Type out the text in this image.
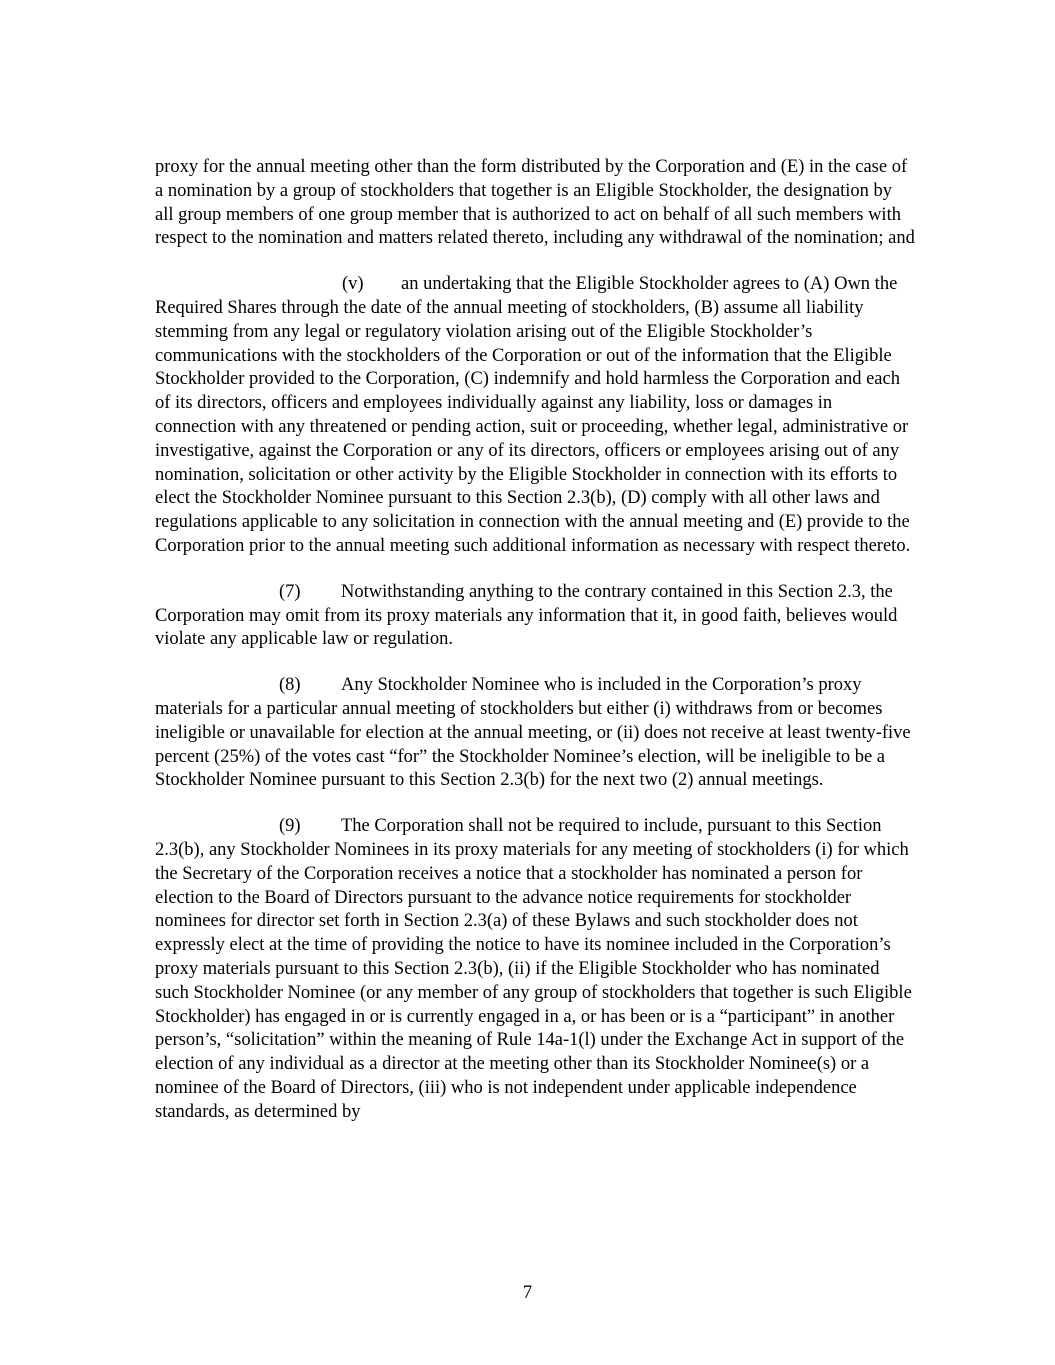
proxy for the annual meeting other than the form distributed by the Corporation and (E) in the case of a nomination by a group of stockholders that together is an Eligible Stockholder, the designation by all group members of one group member that is authorized to act on behalf of all such members with respect to the nomination and matters related thereto, including any withdrawal of the nomination; and

(v) an undertaking that the Eligible Stockholder agrees to (A) Own the Required Shares through the date of the annual meeting of stockholders, (B) assume all liability stemming from any legal or regulatory violation arising out of the Eligible Stockholder’s communications with the stockholders of the Corporation or out of the information that the Eligible Stockholder provided to the Corporation, (C) indemnify and hold harmless the Corporation and each of its directors, officers and employees individually against any liability, loss or damages in connection with any threatened or pending action, suit or proceeding, whether legal, administrative or investigative, against the Corporation or any of its directors, officers or employees arising out of any nomination, solicitation or other activity by the Eligible Stockholder in connection with its efforts to elect the Stockholder Nominee pursuant to this Section 2.3(b), (D) comply with all other laws and regulations applicable to any solicitation in connection with the annual meeting and (E) provide to the Corporation prior to the annual meeting such additional information as necessary with respect thereto.

(7) Notwithstanding anything to the contrary contained in this Section 2.3, the Corporation may omit from its proxy materials any information that it, in good faith, believes would violate any applicable law or regulation.

(8) Any Stockholder Nominee who is included in the Corporation’s proxy materials for a particular annual meeting of stockholders but either (i) withdraws from or becomes ineligible or unavailable for election at the annual meeting, or (ii) does not receive at least twenty-five percent (25%) of the votes cast “for” the Stockholder Nominee’s election, will be ineligible to be a Stockholder Nominee pursuant to this Section 2.3(b) for the next two (2) annual meetings.

(9) The Corporation shall not be required to include, pursuant to this Section 2.3(b), any Stockholder Nominees in its proxy materials for any meeting of stockholders (i) for which the Secretary of the Corporation receives a notice that a stockholder has nominated a person for election to the Board of Directors pursuant to the advance notice requirements for stockholder nominees for director set forth in Section 2.3(a) of these Bylaws and such stockholder does not expressly elect at the time of providing the notice to have its nominee included in the Corporation’s proxy materials pursuant to this Section 2.3(b), (ii) if the Eligible Stockholder who has nominated such Stockholder Nominee (or any member of any group of stockholders that together is such Eligible Stockholder) has engaged in or is currently engaged in a, or has been or is a “participant” in another person’s, “solicitation” within the meaning of Rule 14a-1(l) under the Exchange Act in support of the election of any individual as a director at the meeting other than its Stockholder Nominee(s) or a nominee of the Board of Directors, (iii) who is not independent under applicable independence standards, as determined by

7
